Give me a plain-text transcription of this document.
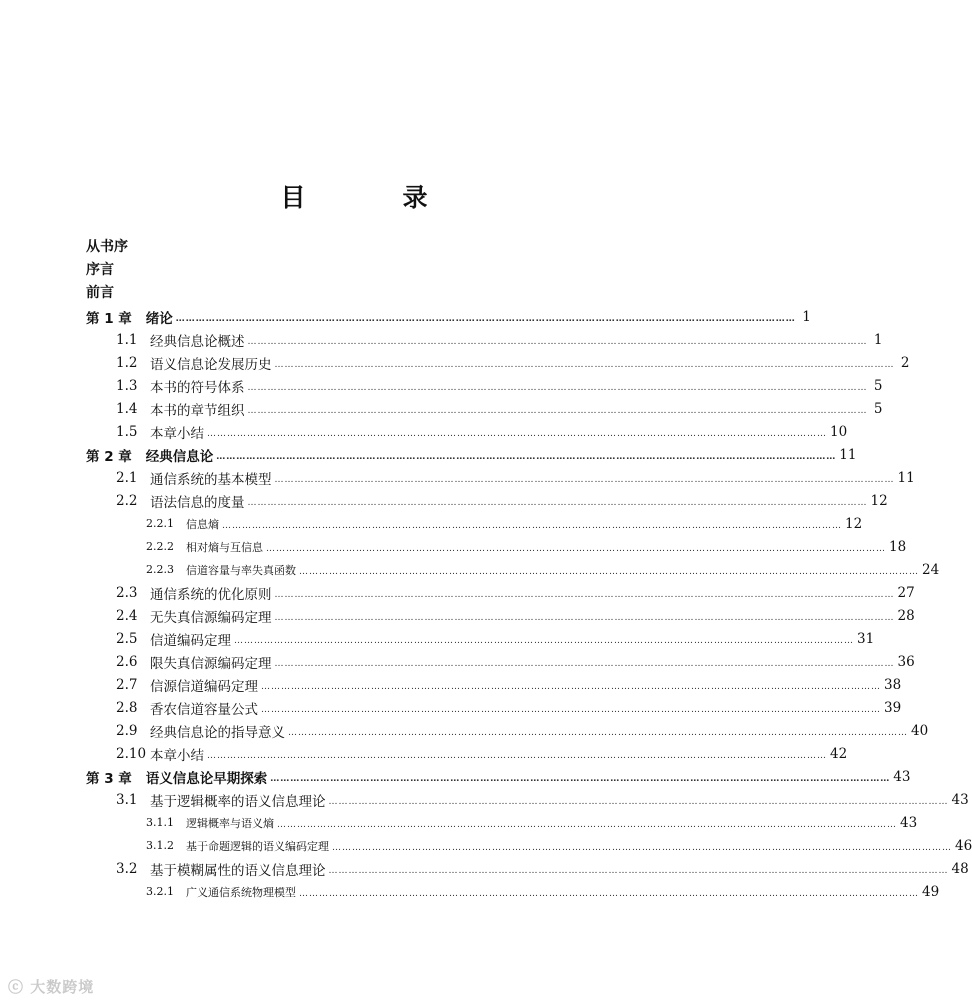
目　录
从书序
序言
前言
第 1 章 绪论 …………………………………………………………………………………………………………………………………………………………………… 1
1.1 经典信息论概述 …………………………………………………………………………………………………………………………………………………………………… 1
1.2 语义信息论发展历史 …………………………………………………………………………………………………………………………………………………………………… 2
1.3 本书的符号体系 …………………………………………………………………………………………………………………………………………………………………… 5
1.4 本书的章节组织 …………………………………………………………………………………………………………………………………………………………………… 5
1.5 本章小结 …………………………………………………………………………………………………………………………………………………………………… 10
第 2 章 经典信息论 …………………………………………………………………………………………………………………………………………………………………… 11
2.1 通信系统的基本模型 …………………………………………………………………………………………………………………………………………………………………… 11
2.2 语法信息的度量 …………………………………………………………………………………………………………………………………………………………………… 12
2.2.1 信息熵 …………………………………………………………………………………………………………………………………………………………………… 12
2.2.2 相对熵与互信息 …………………………………………………………………………………………………………………………………………………………………… 18
2.2.3 信道容量与率失真函数 …………………………………………………………………………………………………………………………………………………………………… 24
2.3 通信系统的优化原则 …………………………………………………………………………………………………………………………………………………………………… 27
2.4 无失真信源编码定理 …………………………………………………………………………………………………………………………………………………………………… 28
2.5 信道编码定理 …………………………………………………………………………………………………………………………………………………………………… 31
2.6 限失真信源编码定理 …………………………………………………………………………………………………………………………………………………………………… 36
2.7 信源信道编码定理 …………………………………………………………………………………………………………………………………………………………………… 38
2.8 香农信道容量公式 …………………………………………………………………………………………………………………………………………………………………… 39
2.9 经典信息论的指导意义 …………………………………………………………………………………………………………………………………………………………………… 40
2.10 本章小结 …………………………………………………………………………………………………………………………………………………………………… 42
第 3 章 语义信息论早期探索 …………………………………………………………………………………………………………………………………………………………………… 43
3.1 基于逻辑概率的语义信息理论 …………………………………………………………………………………………………………………………………………………………………… 43
3.1.1 逻辑概率与语义熵 …………………………………………………………………………………………………………………………………………………………………… 43
3.1.2 基于命题逻辑的语义编码定理 …………………………………………………………………………………………………………………………………………………………………… 46
3.2 基于模糊属性的语义信息理论 …………………………………………………………………………………………………………………………………………………………………… 48
3.2.1 广义通信系统物理模型 …………………………………………………………………………………………………………………………………………………………………… 49
ⓒ 大数跨境
